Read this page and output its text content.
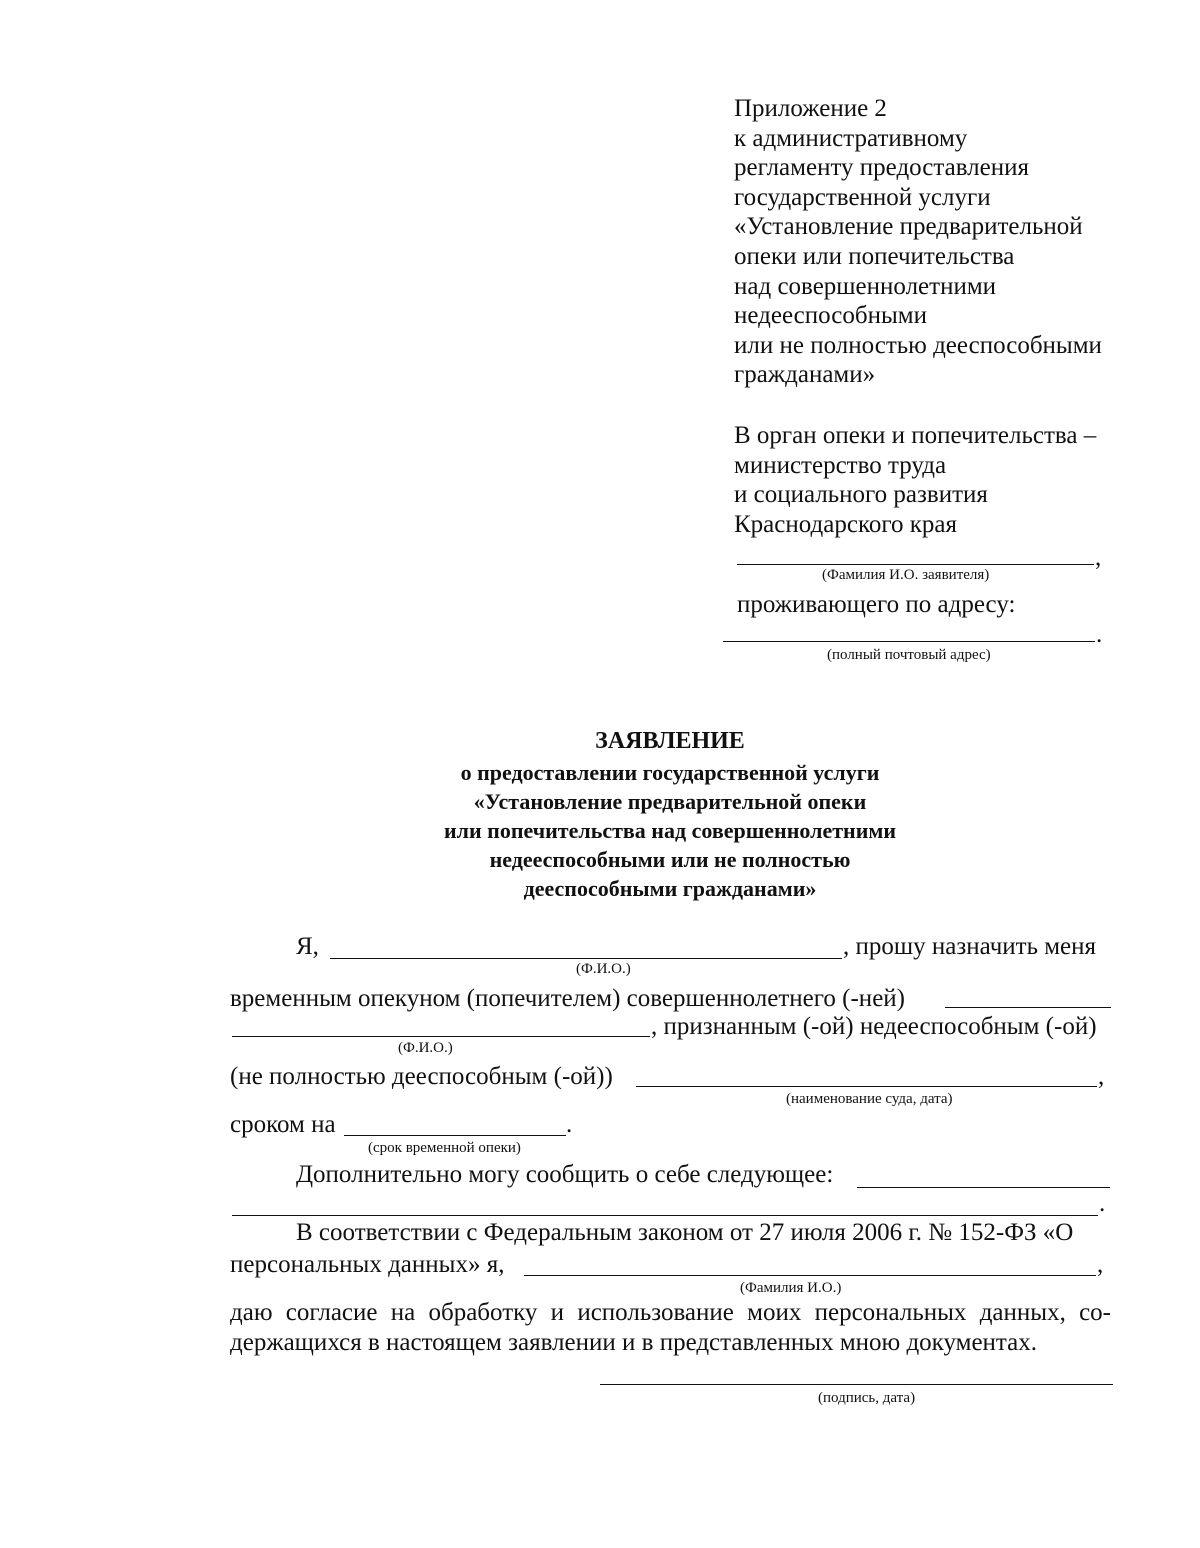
Приложение 2
к административному
регламенту предоставления
государственной услуги
«Установление предварительной
опеки или попечительства
над совершеннолетними
недееспособными
или не полностью дееспособными
гражданами»
В орган опеки и попечительства –
министерство труда
и социального развития
Краснодарского края
,
(Фамилия И.О. заявителя)
проживающего по адресу:
.
(полный почтовый адрес)
ЗАЯВЛЕНИЕ
о предоставлении государственной услуги
«Установление предварительной опеки
или попечительства над совершеннолетними
недееспособными или не полностью
дееспособными гражданами»
Я,	, прошу назначить меня
(Ф.И.О.)
временным опекуном (попечителем) совершеннолетнего (-ней)
, признанным (-ой) недееспособным (-ой)
(Ф.И.О.)
(не полностью дееспособным (-ой))	,
(наименование суда, дата)
сроком на	.
(срок временной опеки)
Дополнительно могу сообщить о себе следующее:
.
В соответствии с Федеральным законом от 27 июля 2006 г. № 152-ФЗ «О
персональных данных» я,	,
(Фамилия И.О.)
даю согласие на обработку и использование моих персональных данных, со-
держащихся в настоящем заявлении и в представленных мною документах.
(подпись, дата)
